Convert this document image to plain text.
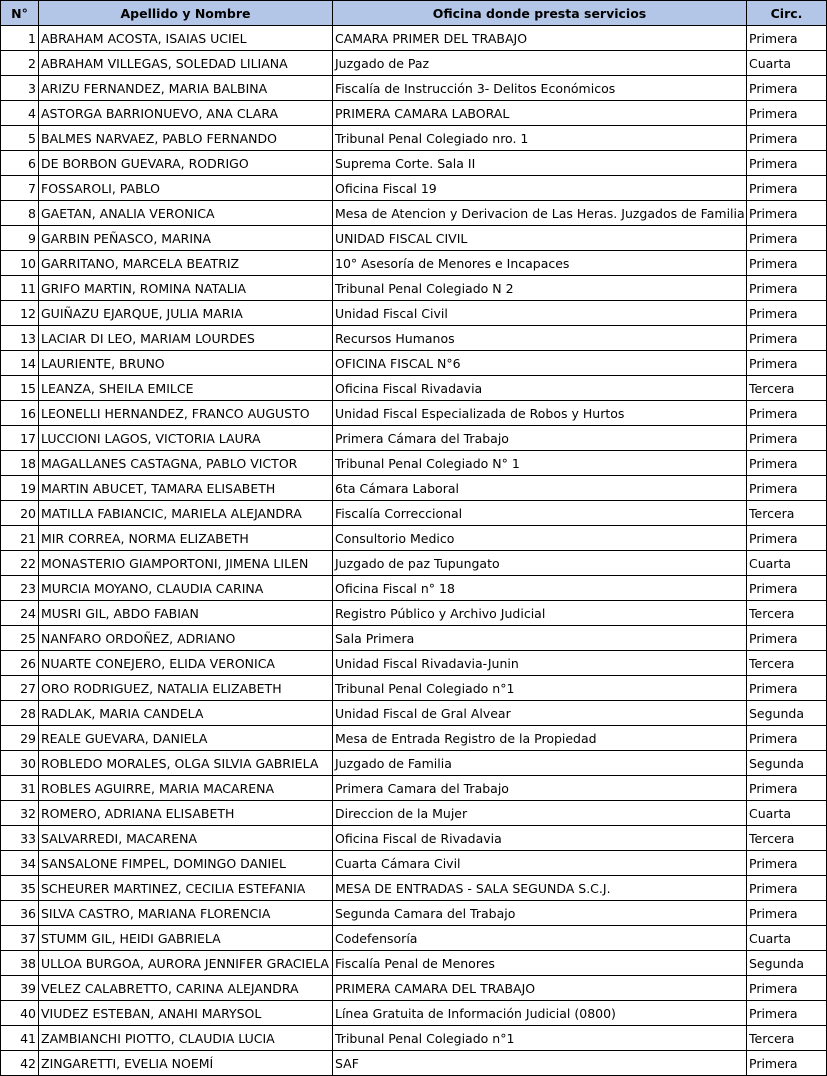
N°	Apellido y Nombre	Oficina donde presta servicios	Circ.
1	ABRAHAM ACOSTA, ISAIAS UCIEL	CAMARA PRIMER DEL TRABAJO	Primera
2	ABRAHAM VILLEGAS, SOLEDAD LILIANA	Juzgado de Paz	Cuarta
3	ARIZU FERNANDEZ, MARIA BALBINA	Fiscalía de Instrucción 3- Delitos Económicos	Primera
4	ASTORGA BARRIONUEVO, ANA CLARA	PRIMERA CAMARA LABORAL	Primera
5	BALMES NARVAEZ, PABLO FERNANDO	Tribunal Penal Colegiado nro. 1	Primera
6	DE BORBON GUEVARA, RODRIGO	Suprema Corte. Sala II	Primera
7	FOSSAROLI, PABLO	Oficina Fiscal 19	Primera
8	GAETAN, ANALIA VERONICA	Mesa de Atencion y Derivacion de Las Heras. Juzgados de Familia	Primera
9	GARBIN PEÑASCO, MARINA	UNIDAD FISCAL CIVIL	Primera
10	GARRITANO, MARCELA BEATRIZ	10° Asesoría de Menores e Incapaces	Primera
11	GRIFO MARTIN, ROMINA NATALIA	Tribunal Penal Colegiado N 2	Primera
12	GUIÑAZU EJARQUE, JULIA MARIA	Unidad Fiscal Civil	Primera
13	LACIAR DI LEO, MARIAM LOURDES	Recursos Humanos	Primera
14	LAURIENTE, BRUNO	OFICINA FISCAL N°6	Primera
15	LEANZA, SHEILA EMILCE	Oficina Fiscal Rivadavia	Tercera
16	LEONELLI HERNANDEZ, FRANCO AUGUSTO	Unidad Fiscal Especializada de Robos y Hurtos	Primera
17	LUCCIONI LAGOS, VICTORIA LAURA	Primera Cámara del Trabajo	Primera
18	MAGALLANES CASTAGNA, PABLO VICTOR	Tribunal Penal Colegiado N° 1	Primera
19	MARTIN ABUCET, TAMARA ELISABETH	6ta Cámara Laboral	Primera
20	MATILLA FABIANCIC, MARIELA ALEJANDRA	Fiscalía Correccional	Tercera
21	MIR CORREA, NORMA ELIZABETH	Consultorio Medico	Primera
22	MONASTERIO GIAMPORTONI, JIMENA LILEN	Juzgado de paz Tupungato	Cuarta
23	MURCIA MOYANO, CLAUDIA CARINA	Oficina Fiscal n° 18	Primera
24	MUSRI GIL, ABDO FABIAN	Registro Público y Archivo Judicial	Tercera
25	NANFARO ORDOÑEZ, ADRIANO	Sala Primera	Primera
26	NUARTE CONEJERO, ELIDA VERONICA	Unidad Fiscal Rivadavia-Junin	Tercera
27	ORO RODRIGUEZ, NATALIA ELIZABETH	Tribunal Penal Colegiado n°1	Primera
28	RADLAK, MARIA CANDELA	Unidad Fiscal de Gral Alvear	Segunda
29	REALE GUEVARA, DANIELA	Mesa de Entrada Registro de la Propiedad	Primera
30	ROBLEDO MORALES, OLGA SILVIA GABRIELA	Juzgado de Familia	Segunda
31	ROBLES AGUIRRE, MARIA MACARENA	Primera Camara del Trabajo	Primera
32	ROMERO, ADRIANA ELISABETH	Direccion de la Mujer	Cuarta
33	SALVARREDI, MACARENA	Oficina Fiscal de Rivadavia	Tercera
34	SANSALONE FIMPEL, DOMINGO DANIEL	Cuarta Cámara Civil	Primera
35	SCHEURER MARTINEZ, CECILIA ESTEFANIA	MESA DE ENTRADAS - SALA SEGUNDA S.C.J.	Primera
36	SILVA CASTRO, MARIANA FLORENCIA	Segunda Camara del Trabajo	Primera
37	STUMM GIL, HEIDI GABRIELA	Codefensoría	Cuarta
38	ULLOA BURGOA, AURORA JENNIFER GRACIELA	Fiscalía Penal de Menores	Segunda
39	VELEZ CALABRETTO, CARINA ALEJANDRA	PRIMERA CAMARA DEL TRABAJO	Primera
40	VIUDEZ ESTEBAN, ANAHI MARYSOL	Línea Gratuita de Información Judicial (0800)	Primera
41	ZAMBIANCHI PIOTTO, CLAUDIA LUCIA	Tribunal Penal Colegiado n°1	Tercera
42	ZINGARETTI, EVELIA NOEMÍ	SAF	Primera
